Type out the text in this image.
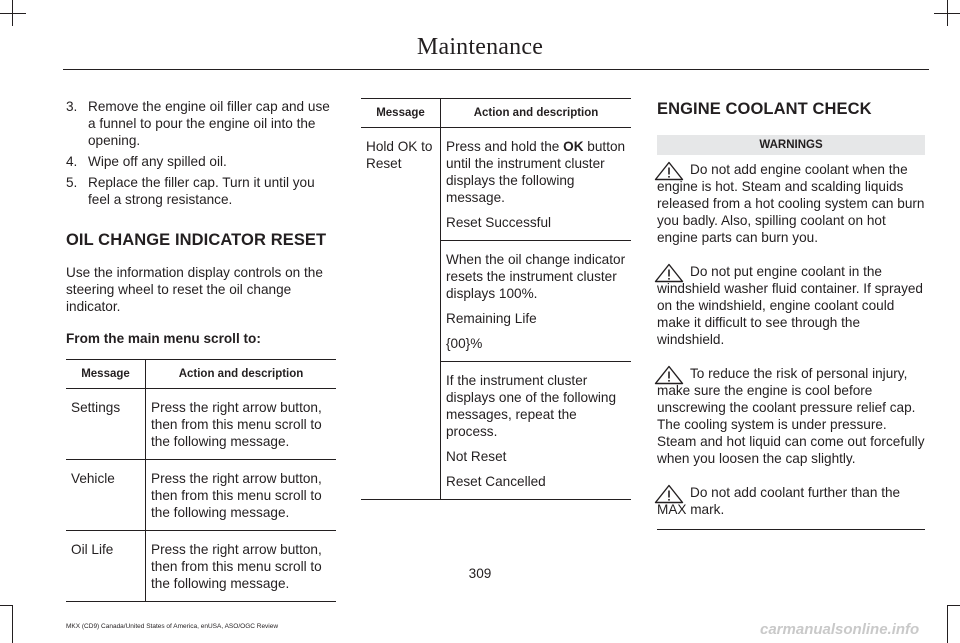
Maintenance
3. Remove the engine oil filler cap and use a funnel to pour the engine oil into the opening.
4. Wipe off any spilled oil.
5. Replace the filler cap. Turn it until you feel a strong resistance.
OIL CHANGE INDICATOR RESET

Use the information display controls on the steering wheel to reset the oil change indicator.

From the main menu scroll to:

Message	Action and description
Settings	Press the right arrow button, then from this menu scroll to the following message.
Vehicle	Press the right arrow button, then from this menu scroll to the following message.
Oil Life	Press the right arrow button, then from this menu scroll to the following message.
Message	Action and description
Hold OK to Reset	Press and hold the OK button until the instrument cluster displays the following message.

Reset Successful

	When the oil change indicator resets the instrument cluster displays 100%.

Remaining Life

{00}%

	If the instrument cluster displays one of the following messages, repeat the process.

Not Reset

Reset Cancelled

ENGINE COOLANT CHECK
WARNINGS

Do not add engine coolant when the engine is hot. Steam and scalding liquids released from a hot cooling system can burn you badly. Also, spilling coolant on hot engine parts can burn you.

Do not put engine coolant in the windshield washer fluid container. If sprayed on the windshield, engine coolant could make it difficult to see through the windshield.

To reduce the risk of personal injury, make sure the engine is cool before unscrewing the coolant pressure relief cap. The cooling system is under pressure. Steam and hot liquid can come out forcefully when you loosen the cap slightly.

Do not add coolant further than the MAX mark.

309
MKX (CD9) Canada/United States of America, enUSA, ASO/OGC Review	carmanualsonline.info
